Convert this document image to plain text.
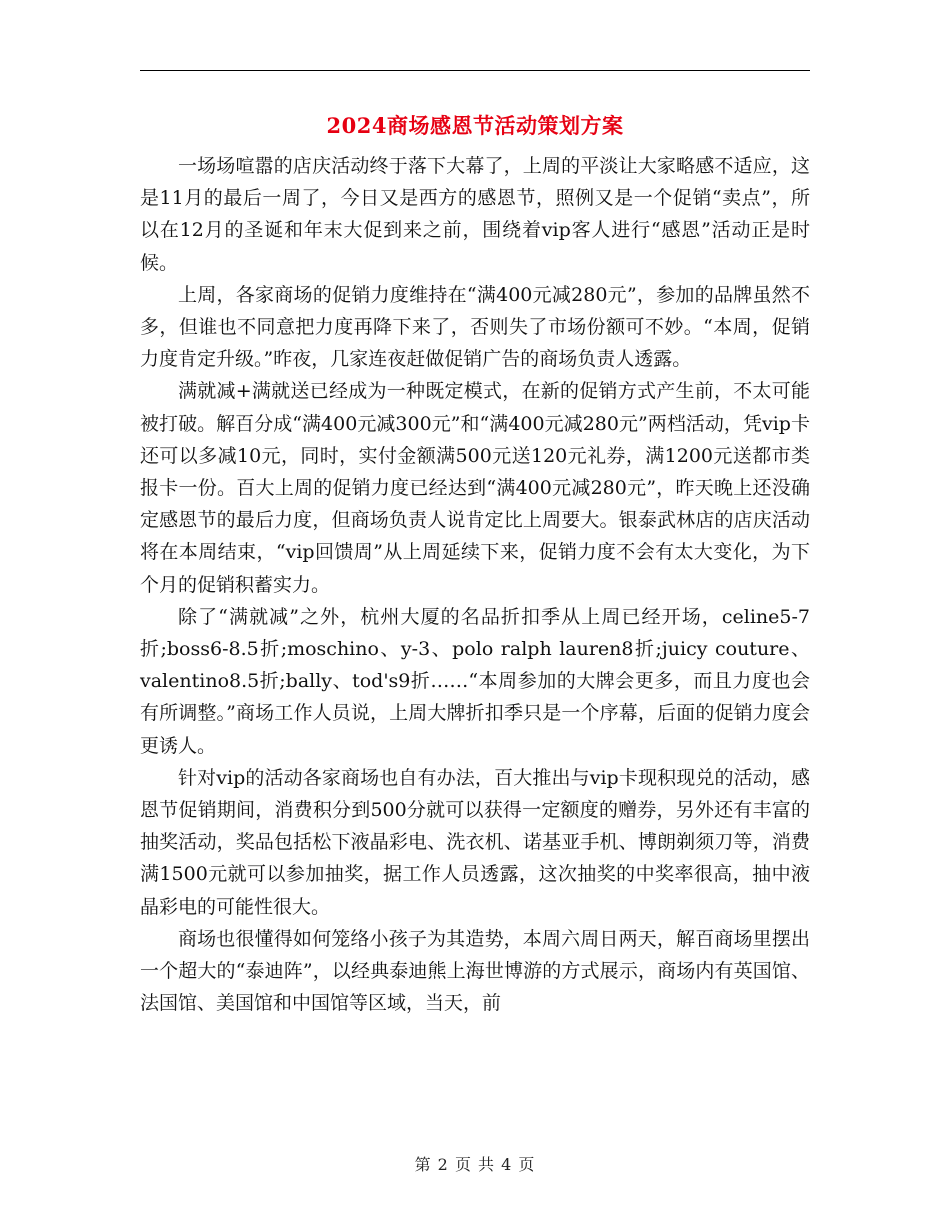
2024商场感恩节活动策划方案

一场场喧嚣的店庆活动终于落下大幕了，上周的平淡让大家略感不适应，这是11月的最后一周了，今日又是西方的感恩节，照例又是一个促销“卖点”，所以在12月的圣诞和年末大促到来之前，围绕着vip客人进行“感恩”活动正是时候。

上周，各家商场的促销力度维持在“满400元减280元”，参加的品牌虽然不多，但谁也不同意把力度再降下来了，否则失了市场份额可不妙。“本周，促销力度肯定升级。”昨夜，几家连夜赶做促销广告的商场负责人透露。

满就减+满就送已经成为一种既定模式，在新的促销方式产生前，不太可能被打破。解百分成“满400元减300元”和“满400元减280元”两档活动，凭vip卡还可以多减10元，同时，实付金额满500元送120元礼券，满1200元送都市类报卡一份。百大上周的促销力度已经达到“满400元减280元”，昨天晚上还没确定感恩节的最后力度，但商场负责人说肯定比上周要大。银泰武林店的店庆活动将在本周结束，“vip回馈周”从上周延续下来，促销力度不会有太大变化，为下个月的促销积蓄实力。

除了“满就减”之外，杭州大厦的名品折扣季从上周已经开场，celine5-7折;boss6-8.5折;moschino、y-3、polo ralph lauren8折;juicy couture、valentino8.5折;bally、tod's9折……“本周参加的大牌会更多，而且力度也会有所调整。”商场工作人员说，上周大牌折扣季只是一个序幕，后面的促销力度会更诱人。

针对vip的活动各家商场也自有办法，百大推出与vip卡现积现兑的活动，感恩节促销期间，消费积分到500分就可以获得一定额度的赠券，另外还有丰富的抽奖活动，奖品包括松下液晶彩电、洗衣机、诺基亚手机、博朗剃须刀等，消费满1500元就可以参加抽奖，据工作人员透露，这次抽奖的中奖率很高，抽中液晶彩电的可能性很大。

商场也很懂得如何笼络小孩子为其造势，本周六周日两天，解百商场里摆出一个超大的“泰迪阵”，以经典泰迪熊上海世博游的方式展示，商场内有英国馆、法国馆、美国馆和中国馆等区域，当天，前

第 2 页 共 4 页
